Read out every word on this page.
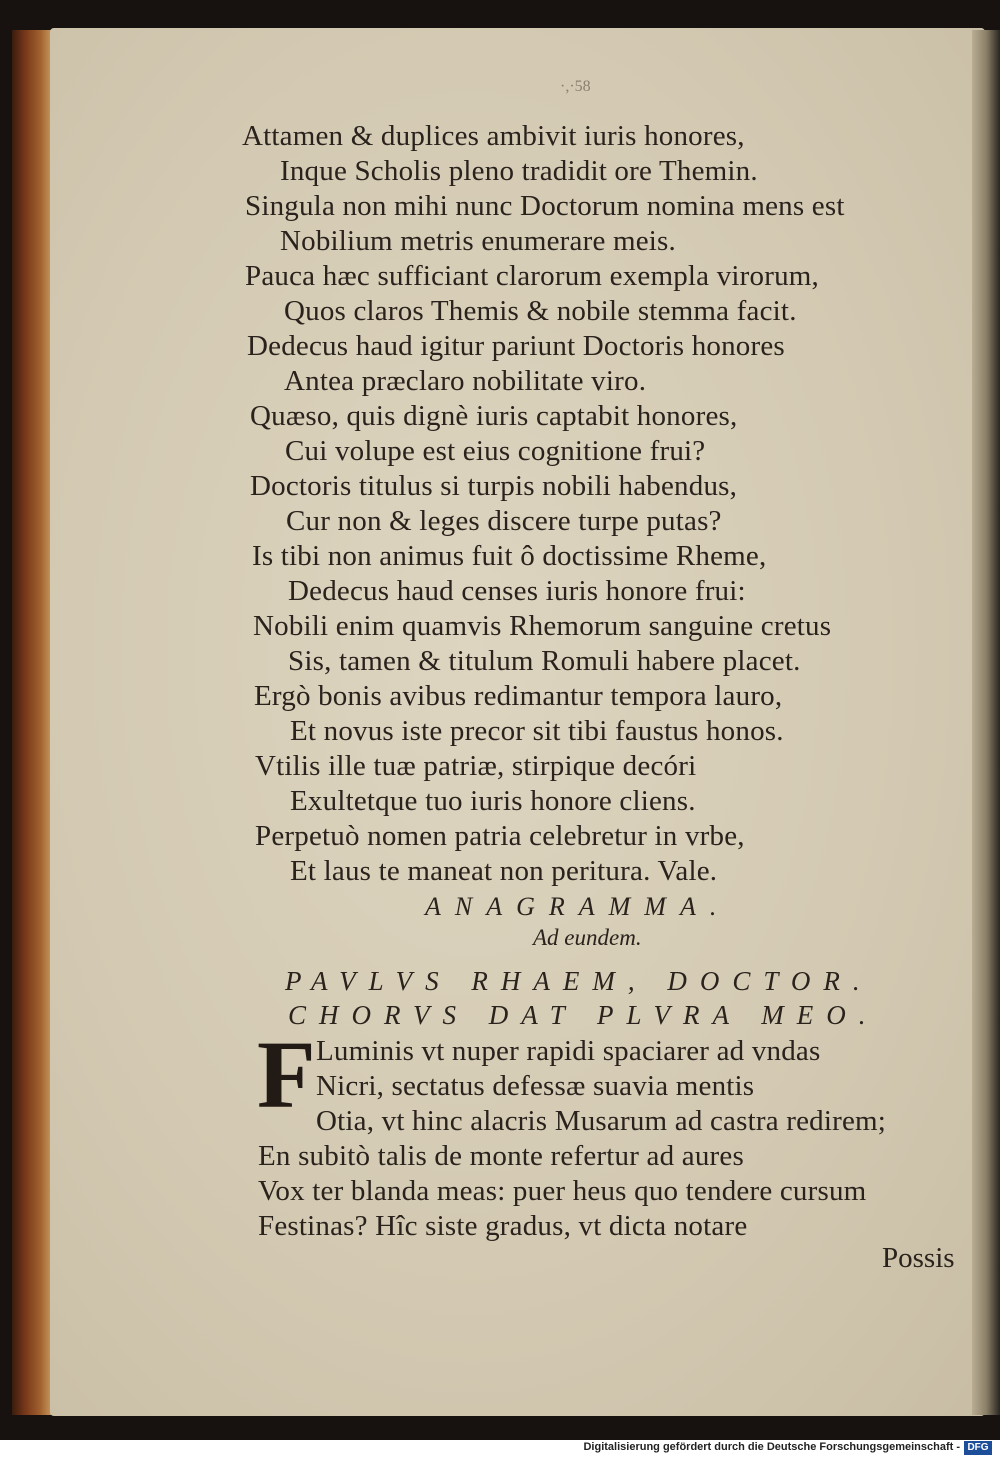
·,·58
Attamen & duplices ambivit iuris honores,
Inque Scholis pleno tradidit ore Themin.
Singula non mihi nunc Doctorum nomina mens est
Nobilium metris enumerare meis.
Pauca hæc sufficiant clarorum exempla virorum,
Quos claros Themis & nobile stemma facit.
Dedecus haud igitur pariunt Doctoris honores
Antea præclaro nobilitate viro.
Quæso, quis dignè iuris captabit honores,
Cui volupe est eius cognitione frui?
Doctoris titulus si turpis nobili habendus,
Cur non & leges discere turpe putas?
Is tibi non animus fuit ô doctissime Rheme,
Dedecus haud censes iuris honore frui:
Nobili enim quamvis Rhemorum sanguine cretus
Sis, tamen & titulum Romuli habere placet.
Ergò bonis avibus redimantur tempora lauro,
Et novus iste precor sit tibi faustus honos.
Vtilis ille tuæ patriæ, stirpique decóri
Exultetque tuo iuris honore cliens.
Perpetuò nomen patria celebretur in vrbe,
Et laus te maneat non peritura. Vale.
ANAGRAMMA.
Ad eundem.
PAVLVS RHAEM, DOCTOR.
CHORVS DAT PLVRA MEO.
F Luminis vt nuper rapidi spaciarer ad vndas
Nicri, sectatus defessæ suavia mentis
Otia, vt hinc alacris Musarum ad castra redirem;
En subitò talis de monte refertur ad aures
Vox ter blanda meas: puer heus quo tendere cursum
Festinas? Hîc siste gradus, vt dicta notare
Possis
Digitalisierung gefördert durch die Deutsche Forschungsgemeinschaft - DFG
